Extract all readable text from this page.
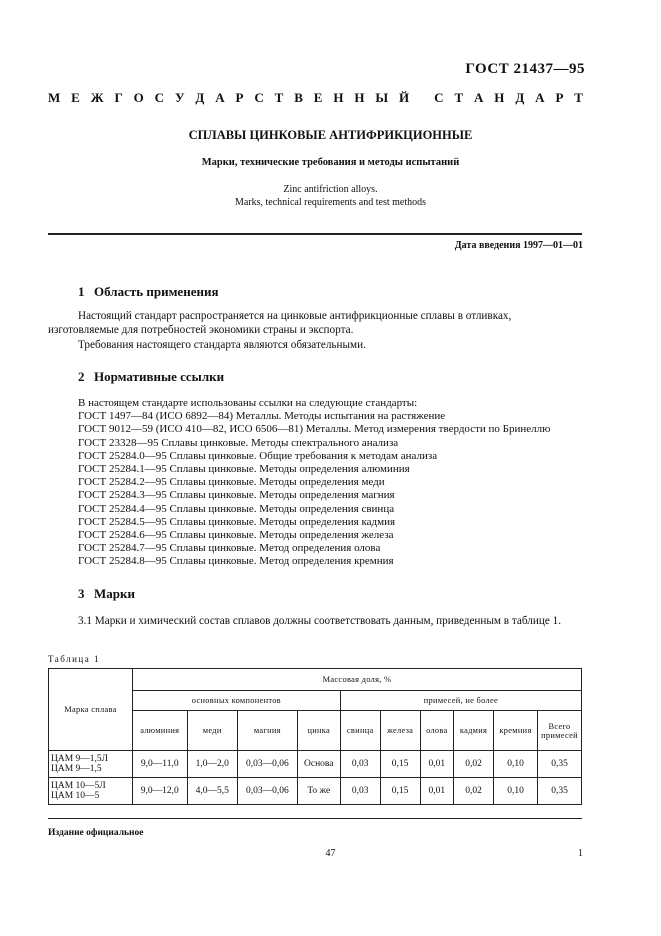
ГОСТ 21437—95
М Е Ж Г О С У Д А Р С Т В Е Н Н Ы Й
С Т А Н Д А Р Т
СПЛАВЫ ЦИНКОВЫЕ АНТИФРИКЦИОННЫЕ
Марки, технические требования и методы испытаний
Zinc antifriction alloys.
Marks, technical requirements and test methods
Дата введения 1997—01—01
1 Область применения
Настоящий стандарт распространяется на цинковые антифрикционные сплавы в отливках, изготовляемые для потребностей экономики страны и экспорта.
Требования настоящего стандарта являются обязательными.
2 Нормативные ссылки
В настоящем стандарте использованы ссылки на следующие стандарты:
ГОСТ 1497—84 (ИСО 6892—84) Металлы. Методы испытания на растяжение
ГОСТ 9012—59 (ИСО 410—82, ИСО 6506—81) Металлы. Метод измерения твердости по Бринеллю
ГОСТ 23328—95 Сплавы цинковые. Методы спектрального анализа
ГОСТ 25284.0—95 Сплавы цинковые. Общие требования к методам анализа
ГОСТ 25284.1—95 Сплавы цинковые. Методы определения алюминия
ГОСТ 25284.2—95 Сплавы цинковые. Методы определения меди
ГОСТ 25284.3—95 Сплавы цинковые. Методы определения магния
ГОСТ 25284.4—95 Сплавы цинковые. Методы определения свинца
ГОСТ 25284.5—95 Сплавы цинковые. Методы определения кадмия
ГОСТ 25284.6—95 Сплавы цинковые. Методы определения железа
ГОСТ 25284.7—95 Сплавы цинковые. Метод определения олова
ГОСТ 25284.8—95 Сплавы цинковые. Метод определения кремния
3 Марки
3.1 Марки и химический состав сплавов должны соответствовать данным, приведенным в таблице 1.
Таблица 1
Марка сплава	Массовая доля, %									
	основных компонентов				примесей, не более					
	алюминия	меди	магния	цинка	свинца	железа	олова	кадмия	кремния	Всего примесей

ЦАМ 9—1,5Л
ЦАМ 9—1,5	9,0—11,0	1,0—2,0	0,03—0,06	Основа	0,03	0,15	0,01	0,02	0,10	0,35

ЦАМ 10—5Л
ЦАМ 10—5	9,0—12,0	4,0—5,5	0,03—0,06	То же	0,03	0,15	0,01	0,02	0,10	0,35
Издание официальное
47	1
